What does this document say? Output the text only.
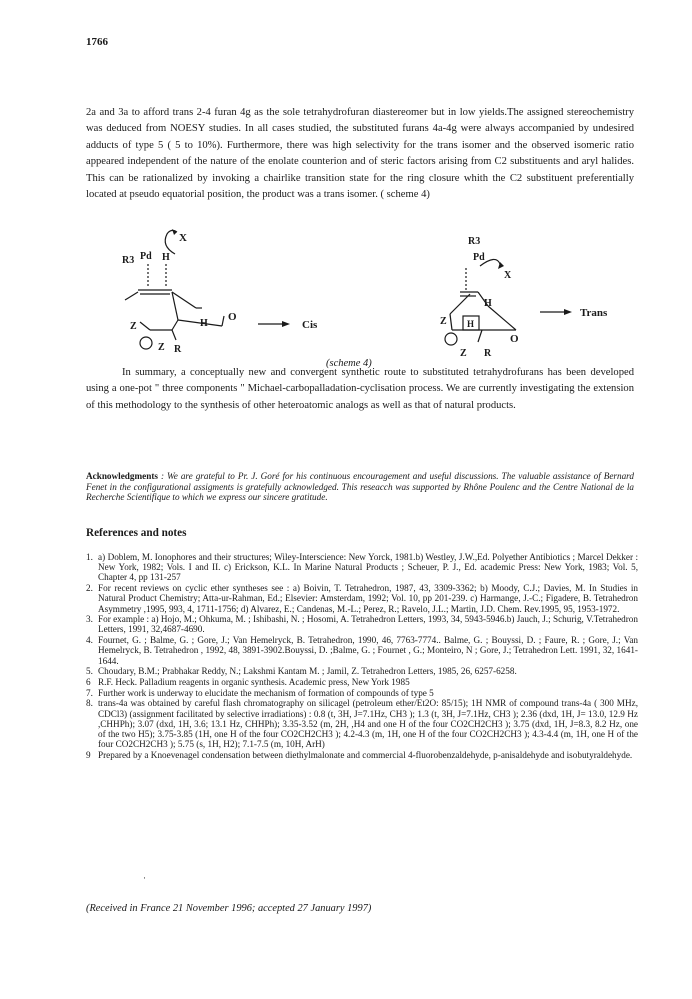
1766
2a and 3a to afford trans 2-4 furan 4g as the sole tetrahydrofuran diastereomer but in low yields.The assigned stereochemistry was deduced from NOESY studies. In all cases studied, the substituted furans 4a-4g were always accompanied by undesired adducts of type 5 ( 5 to 10%). Furthermore, there was high selectivity for the trans isomer and the observed isomeric ratio appeared independent of the nature of the enolate counterion and of steric factors arising from C2 substituents and aryl halides. This can be rationalized by invoking a chairlike transition state for the ring closure whith the C2 substituent preferentially located at pseudo equatorial position, the product was a trans isomer. ( scheme 4)
X
R3 Pd H
O
Z	H
Z R
Cis
R3
Pd
X
H
Z H
O
Z R
Trans
(scheme 4)
In summary, a conceptually new and convergent synthetic route to substituted tetrahydrofurans has been developed using a one-pot " three components " Michael-carbopalladation-cyclisation process. We are currently investigating the extension of this methodology to the synthesis of other heteroatomic analogs as well as that of natural products.
Acknowledgments : We are grateful to Pr. J. Goré for his continuous encouragement and useful discussions. The valuable assistance of Bernard Fenet in the configurational assigments is gratefully acknowledged. This reseacch was supported by Rhône Poulenc and the Centre National de la Recherche Scientifique to which we express our sincere gratitude.
References and notes
1. a) Doblem, M. Ionophores and their structures; Wiley-Interscience: New Yorck, 1981.b) Westley, J.W.,Ed. Polyether Antibiotics ; Marcel Dekker : New York, 1982; Vols. I and II. c) Erickson, K.L. In Marine Natural Products ; Scheuer, P. J., Ed. academic Press: New York, 1983; Vol. 5, Chapter 4, pp 131-257
2. For recent reviews on cyclic ether syntheses see : a) Boivin, T. Tetrahedron, 1987, 43, 3309-3362; b) Moody, C.J.; Davies, M. In Studies in Natural Product Chemistry; Atta-ur-Rahman, Ed.; Elsevier: Amsterdam, 1992; Vol. 10, pp 201-239. c) Harmange, J.-C.; Figadere, B. Tetrahedron Asymmetry ,1995, 993, 4, 1711-1756; d) Alvarez, E.; Candenas, M.-L.; Perez, R.; Ravelo, J.L.; Martin, J.D. Chem. Rev.1995, 95, 1953-1972.
3. For example : a) Hojo, M.; Ohkuma, M. ; Ishibashi, N. ; Hosomi, A. Tetrahedron Letters, 1993, 34, 5943-5946.b) Jauch, J.; Schurig, V.Tetrahedron Letters, 1991, 32,4687-4690.
4. Fournet, G. ; Balme, G. ; Gore, J.; Van Hemelryck, B. Tetrahedron, 1990, 46, 7763-7774.. Balme, G. ; Bouyssi, D. ; Faure, R. ; Gore, J.; Van Hemelryck, B. Tetrahedron , 1992, 48, 3891-3902.Bouyssi, D. ;Balme, G. ; Fournet , G.; Monteiro, N ; Gore, J.; Tetrahedron Lett. 1991, 32, 1641-1644.
5. Choudary, B.M.; Prabhakar Reddy, N.; Lakshmi Kantam M. ; Jamil, Z. Tetrahedron Letters, 1985, 26, 6257-6258.
6 R.F. Heck. Palladium reagents in organic synthesis. Academic press, New York 1985
7. Further work is underway to elucidate the mechanism of formation of compounds of type 5
8. trans-4a was obtained by careful flash chromatography on silicagel (petroleum ether/Et2O: 85/15); 1H NMR of compound trans-4a ( 300 MHz, CDCl3) (assignment facilitated by selective irradiations) : 0.8 (t, 3H, J=7.1Hz, CH3 ); 1.3 (t, 3H, J=7.1Hz, CH3 ); 2.36 (dxd, 1H, J= 13.0, 12.9 Hz ,CHHPh); 3.07 (dxd, 1H, 3.6; 13.1 Hz, CHHPh); 3.35-3.52 (m, 2H, ,H4 and one H of the four CO2CH2CH3 ); 3.75 (dxd, 1H, J=8.3, 8.2 Hz, one of the two H5); 3.75-3.85 (1H, one H of the four CO2CH2CH3 ); 4.2-4.3 (m, 1H, one H of the four CO2CH2CH3 ); 4.3-4.4 (m, 1H, one H of the four CO2CH2CH3 ); 5.75 (s, 1H, H2); 7.1-7.5 (m, 10H, ArH)
9 Prepared by a Knoevenagel condensation between diethylmalonate and commercial 4-fluorobenzaldehyde, p-anisaldehyde and isobutyraldehyde.
·
(Received in France 21 November 1996; accepted 27 January 1997)
